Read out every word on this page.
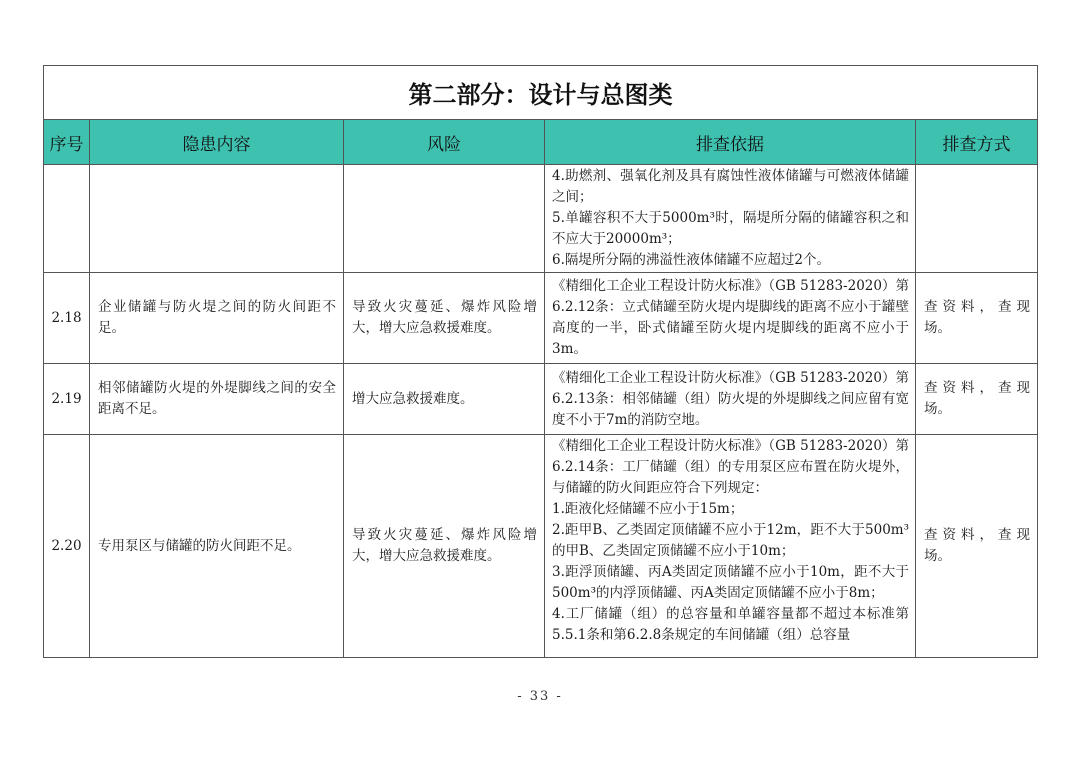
第二部分：设计与总图类				
序号	隐患内容	风险	排查依据	排查方式

			4.助燃剂、强氧化剂及具有腐蚀性液体储罐与可燃液体储罐之间；
5.单罐容积不大于5000m³时，隔堤所分隔的储罐容积之和不应大于20000m³；
6.隔堤所分隔的沸溢性液体储罐不应超过2个。	

2.18	企业储罐与防火堤之间的防火间距不足。	导致火灾蔓延、爆炸风险增大，增大应急救援难度。	《精细化工企业工程设计防火标准》（GB 51283-2020）第6.2.12条：立式储罐至防火堤内堤脚线的距离不应小于罐壁高度的一半，卧式储罐至防火堤内堤脚线的距离不应小于3m。	查资料，查现场。
2.19	相邻储罐防火堤的外堤脚线之间的安全距离不足。	增大应急救援难度。	《精细化工企业工程设计防火标准》（GB 51283-2020）第6.2.13条：相邻储罐（组）防火堤的外堤脚线之间应留有宽度不小于7m的消防空地。	查资料，查现场。
2.20	专用泵区与储罐的防火间距不足。	导致火灾蔓延、爆炸风险增大，增大应急救援难度。	《精细化工企业工程设计防火标准》（GB 51283-2020）第6.2.14条：工厂储罐（组）的专用泵区应布置在防火堤外，与储罐的防火间距应符合下列规定：
1.距液化烃储罐不应小于15m；
2.距甲B、乙类固定顶储罐不应小于12m，距不大于500m³的甲B、乙类固定顶储罐不应小于10m；
3.距浮顶储罐、丙A类固定顶储罐不应小于10m，距不大于500m³的内浮顶储罐、丙A类固定顶储罐不应小于8m；
4.工厂储罐（组）的总容量和单罐容量都不超过本标准第5.5.1条和第6.2.8条规定的车间储罐（组）总容量	查资料，查现场。
- 33 -
